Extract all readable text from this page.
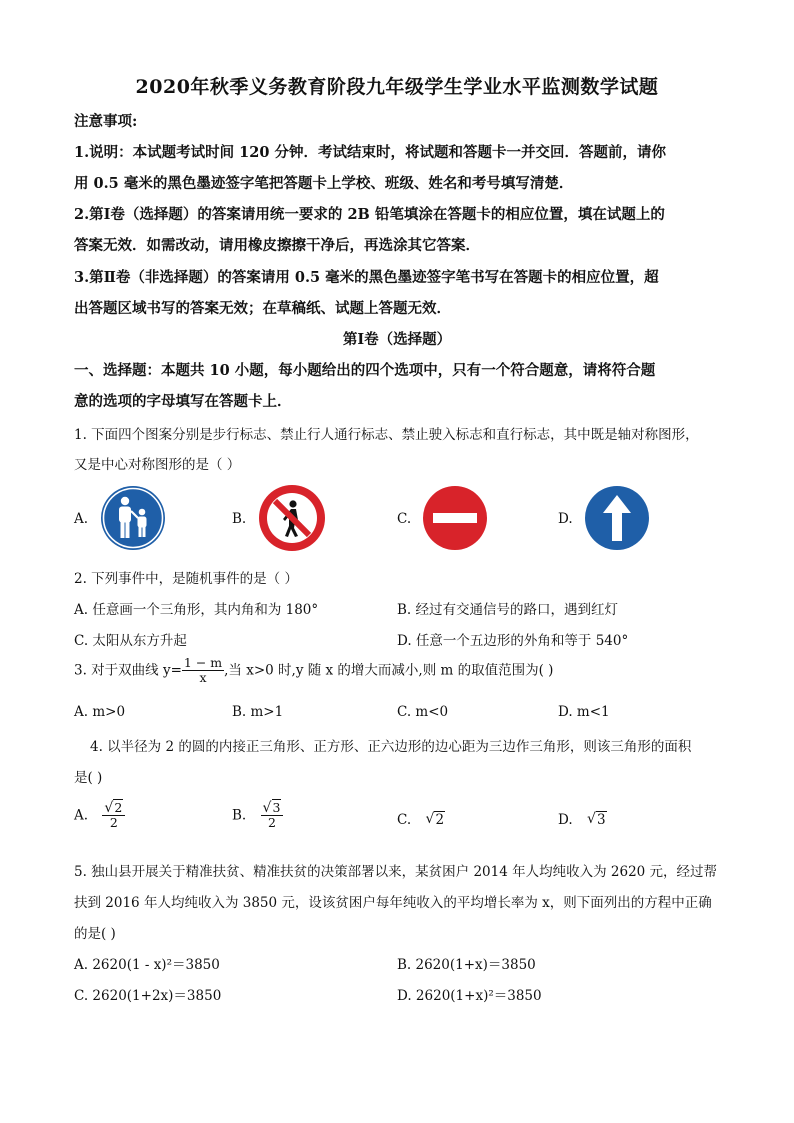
2020年秋季义务教育阶段九年级学生学业水平监测数学试题
注意事项:
1.说明：本试题考试时间 120 分钟．考试结束时，将试题和答题卡一并交回．答题前，请你
用 0.5 毫米的黑色墨迹签字笔把答题卡上学校、班级、姓名和考号填写清楚．
2.第Ⅰ卷（选择题）的答案请用统一要求的 2B 铅笔填涂在答题卡的相应位置，填在试题上的
答案无效．如需改动，请用橡皮擦擦干净后，再选涂其它答案．
3.第Ⅱ卷（非选择题）的答案请用 0.5 毫米的黑色墨迹签字笔书写在答题卡的相应位置，超
出答题区域书写的答案无效；在草稿纸、试题上答题无效．
第Ⅰ卷（选择题）
一、选择题：本题共 10 小题，每小题给出的四个选项中，只有一个符合题意，请将符合题
意的选项的字母填写在答题卡上．
1. 下面四个图案分别是步行标志、禁止行人通行标志、禁止驶入标志和直行标志，其中既是轴对称图形，
又是中心对称图形的是（ ）
A.	B.	C.	D.
2. 下列事件中，是随机事件的是（ ）
A. 任意画一个三角形，其内角和为 180°	B. 经过有交通信号的路口，遇到红灯
C. 太阳从东方升起	D. 任意一个五边形的外角和等于 540°
3. 对于双曲线 $y= \frac{1 - m}{x}$ ,当 x>0 时,y 随 x 的增大而减小,则 m 的取值范围为( )
A. m>0	B. m>1	C. m<0	D. m<1
4. 以半径为 2 的圆的内接正三角形、正方形、正六边形的边心距为三边作三角形，则该三角形的面积
是( )
A. $\frac{√ 2}{2}$	B. $\frac{√ 3}{2}$	C. √ 2	D. √ 3
5. 独山县开展关于精准扶贫、精准扶贫的决策部署以来，某贫困户 2014 年人均纯收入为 2620 元，经过帮
扶到 2016 年人均纯收入为 3850 元，设该贫困户每年纯收入的平均增长率为 x，则下面列出的方程中正确
的是( )
A. 2620(1 - x)²＝3850	B. 2620(1+x)＝3850
C. 2620(1+2x)＝3850	D. 2620(1+x)²＝3850
